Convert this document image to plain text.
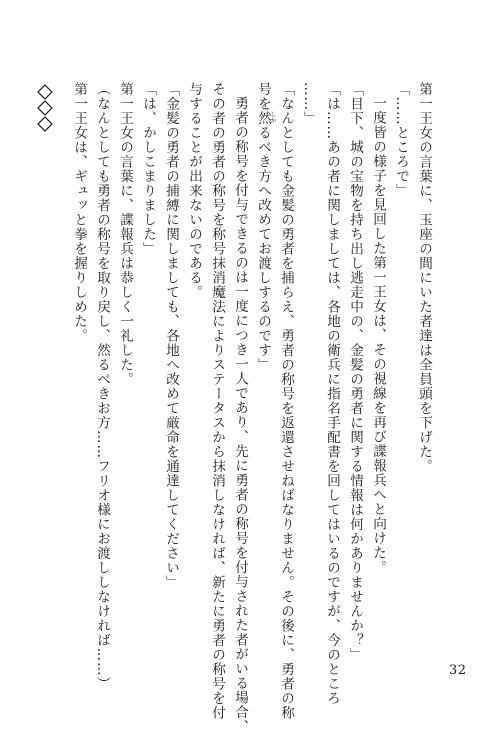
第一王女の言葉に、玉座の間にいた者達は全員頭を下げた。
「……ところで」
一度皆の様子を見回した第一王女は、その視線を再び諜報兵へと向けた。
「目下、城の宝物を持ち出し逃走中の、金髪の勇者に関する情報は何かありませんか？」
「は……あの者に関しましては、各地の衛兵に指名手配書を回してはいるのですが、今のところ
……」
「なんとしても金髪の勇者を捕らえ、勇者の称号を返還させねばなりません。その後に、勇者の称
号を然るべき方へ改めてお渡しするのです」
勇者の称号を付与できるのは一度につき一人であり、先に勇者の称号を付与された者がいる場合、
その者の勇者の称号を称号抹消魔法によりステータスから抹消しなければ、新たに勇者の称号を付
与することが出来ないのである。
「金髪の勇者の捕縛に関しましても、各地へ改めて厳命を通達してください」
「は、かしこまりました」
第一王女の言葉に、諜報兵は恭しく一礼した。
（なんとしても勇者の称号を取り戻し、然るべきお方……フリオ様にお渡ししなければ……）
第一王女は、ギュッと拳を握りしめた。	しか
32
